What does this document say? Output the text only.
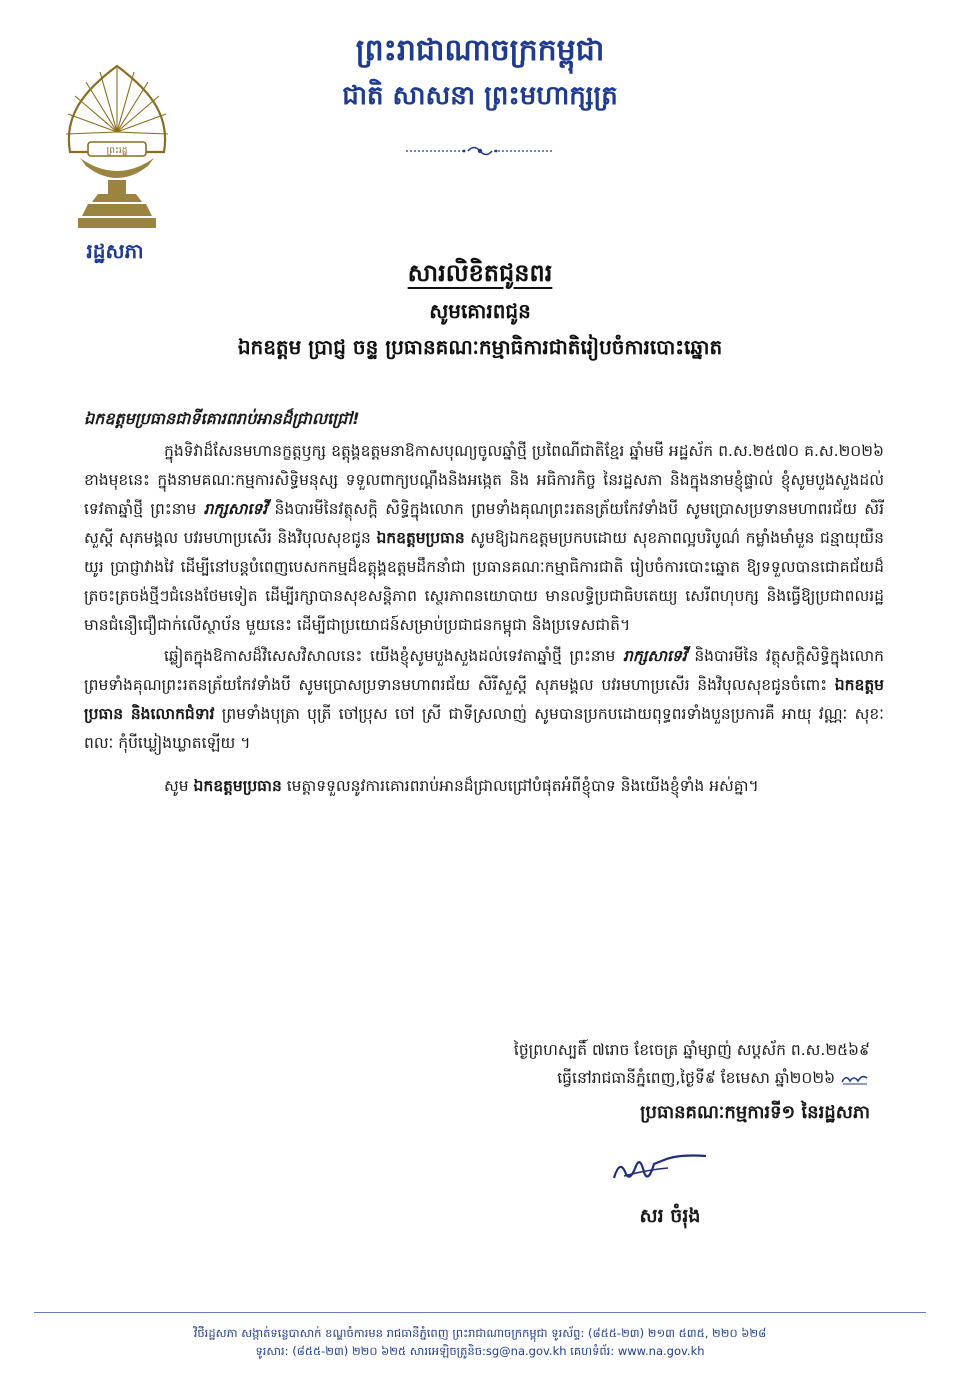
ព្រះរដ្ឋ
រដ្ឋសភា
ព្រះរាជាណាចក្រកម្ពុជា
ជាតិ សាសនា ព្រះមហាក្សត្រ
សារលិខិតជូនពរ
សូមគោរពជូន
ឯកឧត្តម ប្រាជ្ញ ចន្ទ ប្រធានគណៈកម្មាធិការជាតិរៀបចំការបោះឆ្នោត
ឯកឧត្តមប្រធានជាទីគោរពរាប់អានដ៏ជ្រាលជ្រៅ!

ក្នុងទិវាដ៏សែនមហានក្ខត្តឫក្ស ឧត្តុង្គឧត្តមនាឱកាសបុណ្យចូលឆ្នាំថ្មី ប្រពៃណីជាតិខ្មែរ ឆ្នាំមមី អដ្ឋស័ក ព.ស.២៥៧០ គ.ស.២០២៦ ខាងមុខនេះ ក្នុងនាមគណៈកម្មការសិទ្ធិមនុស្ស ទទួលពាក្យបណ្ដឹងនិងអង្កេត និង អធិការកិច្ច នៃរដ្ឋសភា និងក្នុងនាមខ្ញុំផ្ទាល់ ខ្ញុំសូមបួងសួងដល់ទេវតាឆ្នាំថ្មី ព្រះនាម រាក្សសាទេវី និងបារមីនៃវត្ថុសក្ដិ សិទ្ធិក្នុងលោក ព្រមទាំងគុណព្រះរតនត្រ័យកែវទាំងបី សូមប្រោសប្រទានមហាពរជ័យ សិរីសួស្ដី សុភមង្គល បវរមហាប្រសើរ និងវិបុលសុខជូន ឯកឧត្តមប្រធាន សូមឱ្យឯកឧត្តមប្រកបដោយ សុខភាពល្អបរិបូណ៌ កម្លាំងមាំមួន ជន្មាយុយឺនយូរ ប្រាជ្ញាវាងវៃ ដើម្បីនៅបន្តបំពេញបេសកកម្មដ៏ឧត្តុង្គឧត្តមដឹកនាំជា ប្រធានគណៈកម្មាធិការជាតិ រៀបចំការបោះឆ្នោត ឱ្យទទួលបានជោគជ័យដ៏ត្រចះត្រចង់ថ្មីៗជំនេងថែមទៀត ដើម្បីរក្សាបានសុខសន្តិភាព ស្ថេរភាពនយោបាយ មានលទ្ធិប្រជាធិបតេយ្យ សេរីពហុបក្ស និងធ្វើឱ្យប្រជាពលរដ្ឋមានជំនឿជឿជាក់លើស្ថាប័ន មួយនេះ ដើម្បីជាប្រយោជន៍សម្រាប់ប្រជាជនកម្ពុជា និងប្រទេសជាតិ។

ឆ្លៀតក្នុងឱកាសដ៏វិសេសវិសាលនេះ យើងខ្ញុំសូមបួងសួងដល់ទេវតាឆ្នាំថ្មី ព្រះនាម រាក្សសាទេវី និងបារមីនៃ វត្ថុសក្ដិសិទ្ធិក្នុងលោក ព្រមទាំងគុណព្រះរតនត្រ័យកែវទាំងបី សូមប្រោសប្រទានមហាពរជ័យ សិរីសួស្ដី សុភមង្គល បវរមហាប្រសើរ និងវិបុលសុខជូនចំពោះ ឯកឧត្តមប្រធាន និងលោកជំទាវ ព្រមទាំងបុត្រា បុត្រី ចៅប្រុស ចៅ ស្រី ជាទីស្រលាញ់ សូមបានប្រកបដោយពុទ្ធពរទាំងបួនប្រការគឺ អាយុ វណ្ណៈ សុខៈ ពលៈ កុំបីឃ្លៀងឃ្លាតឡើយ ។

សូម ឯកឧត្តមប្រធាន មេត្តាទទួលនូវការគោរពរាប់អានដ៏ជ្រាលជ្រៅបំផុតអំពីខ្ញុំបាទ និងយើងខ្ញុំទាំង អស់គ្នា។

ថ្ងៃព្រហស្បតិ៍ ៧រោច ខែចេត្រ ឆ្នាំម្សាញ់ សប្តស័ក ព.ស.២៥៦៩
ធ្វើនៅរាជធានីភ្នំពេញ,ថ្ងៃទី៩ ខែមេសា ឆ្នាំ២០២៦
ប្រធានគណៈកម្មការទី១ នៃរដ្ឋសភា
សរ ចំរុង
វិថីរដ្ឋសភា សង្កាត់ទន្លេបាសាក់ ខណ្ឌចំការមន រាជធានីភ្នំពេញ ព្រះរាជាណាចក្រកម្ពុជា ទូរស័ព្ទ: (៨៥៥-២៣) ២១៣ ៥៣៥, ២២០ ៦២៨
ទូរសារ: (៨៥៥-២៣) ២២០ ៦២៥ សារអេឡិចត្រូនិច:sg@na.gov.kh គេហទំព័រ: www.na.gov.kh
